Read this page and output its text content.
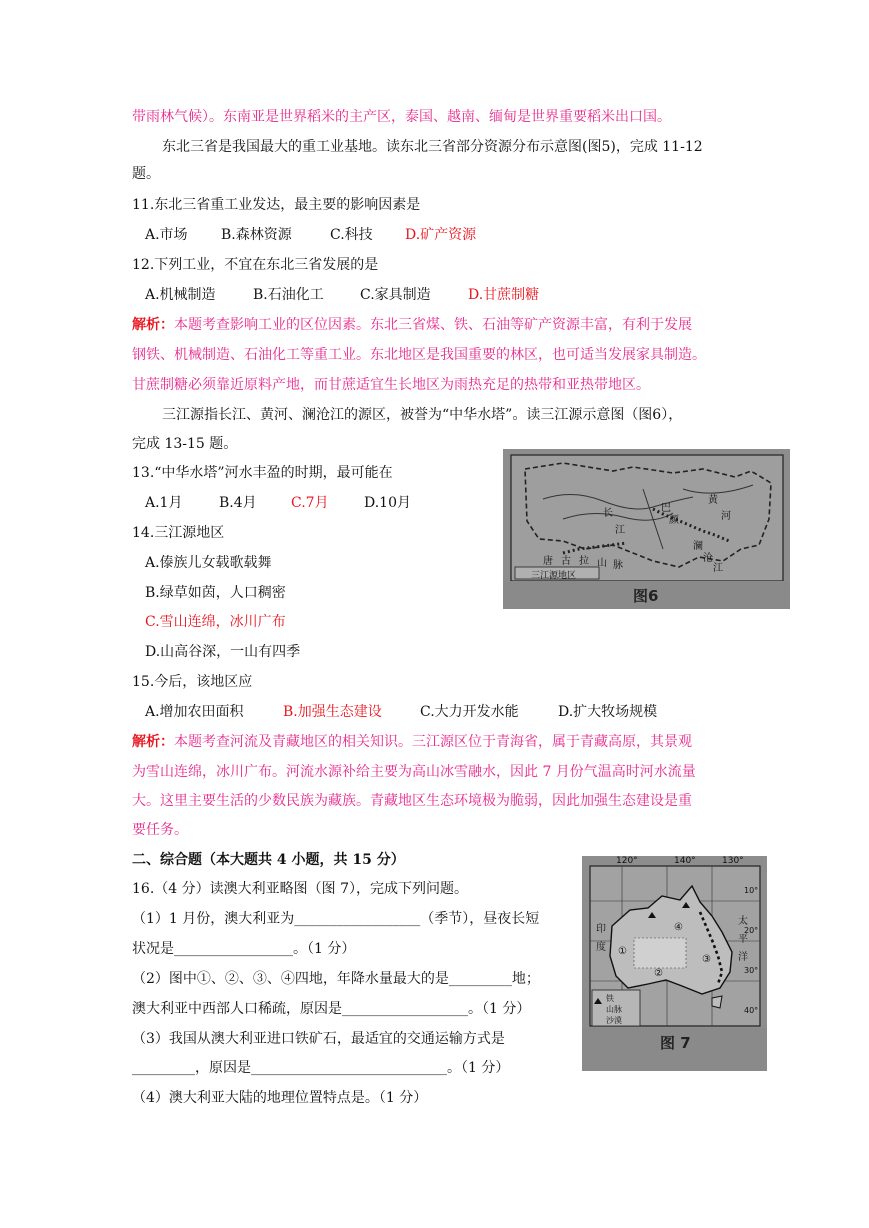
带雨林气候）。东南亚是世界稻米的主产区，泰国、越南、缅甸是世界重要稻米出口国。
东北三省是我国最大的重工业基地。读东北三省部分资源分布示意图(图5)，完成 11-12
题。
11.东北三省重工业发达，最主要的影响因素是
A.市场 B.森林资源	C.科技 D.矿产资源
12.下列工业，不宜在东北三省发展的是
A.机械制造	B.石油化工	C.家具制造	D.甘蔗制糖
解析：本题考查影响工业的区位因素。东北三省煤、铁、石油等矿产资源丰富，有利于发展
钢铁、机械制造、石油化工等重工业。东北地区是我国重要的林区，也可适当发展家具制造。
甘蔗制糖必须靠近原料产地，而甘蔗适宜生长地区为雨热充足的热带和亚热带地区。
三江源指长江、黄河、澜沧江的源区，被誉为“中华水塔”。读三江源示意图（图6），
完成 13-15 题。
13.“中华水塔”河水丰盈的时期，最可能在
A.1月	B.4月 C.7月	D.10月
14.三江源地区
A.傣族儿女载歌载舞
B.绿草如茵，人口稠密
C.雪山连绵，冰川广布
D.山高谷深，一山有四季
三江源地区
黄
河
澜
沧
江
长
江
唐 古 拉 山 脉
巴
颜
图6
15.今后，该地区应
A.增加农田面积	B.加强生态建设	C.大力开发水能	D.扩大牧场规模
解析：本题考查河流及青藏地区的相关知识。三江源区位于青海省，属于青藏高原，其景观
为雪山连绵，冰川广布。河流水源补给主要为高山冰雪融水，因此 7 月份气温高时河水流量
大。这里主要生活的少数民族为藏族。青藏地区生态环境极为脆弱，因此加强生态建设是重
要任务。
二、综合题（本大题共 4 小题，共 15 分）
16.（4 分）读澳大利亚略图（图 7），完成下列问题。
（1）1 月份，澳大利亚为__________________（季节），昼夜长短
状况是_________________。（1 分）
（2）图中①、②、③、④四地，年降水量最大的是_________地；
澳大利亚中西部人口稀疏，原因是__________________。（1 分）
（3）我国从澳大利亚进口铁矿石，最适宜的交通运输方式是
_________，原因是____________________________。（1 分）
（4）澳大利亚大陆的地理位置特点是。（1 分）
120°	140°	130°
10°
20°
30°
40°
印
度
太
平
洋
①
②
③
④
铁
山脉
沙漠
图 7
